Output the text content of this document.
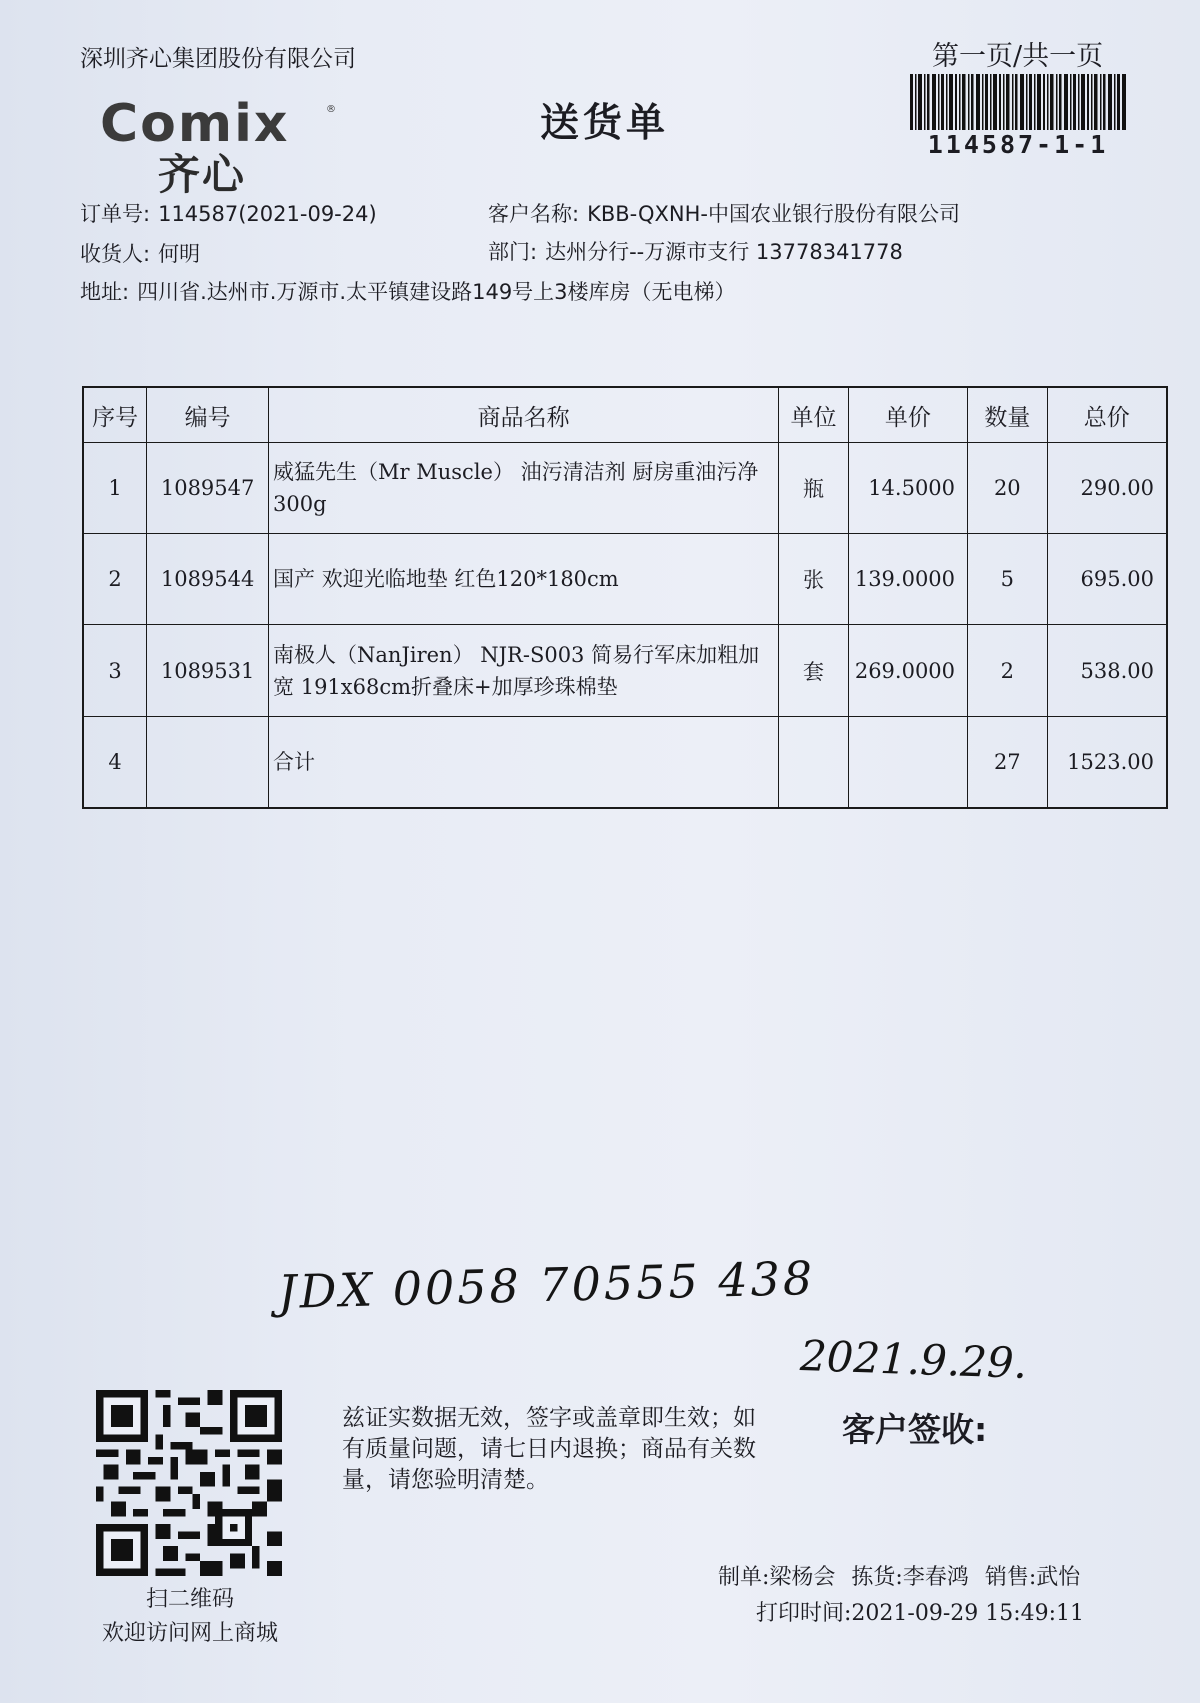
深圳齐心集团股份有限公司	第一页/共一页
114587-1-1
Comix	®
齐心
送货单
订单号: 114587(2021-09-24)	客户名称: KBB-QXNH-中国农业银行股份有限公司
收货人: 何明	部门: 达州分行--万源市支行 13778341778
地址: 四川省.达州市.万源市.太平镇建设路149号上3楼库房（无电梯）
序号	编号	商品名称	单位	单价	数量	总价
1	1089547	威猛先生（Mr Muscle） 油污清洁剂 厨房重油污净 300g	瓶	14.5000	20	290.00
2	1089544	国产 欢迎光临地垫 红色120*180cm	张	139.0000	5	695.00
3	1089531	南极人（NanJiren） NJR-S003 简易行军床加粗加宽 191x68cm折叠床+加厚珍珠棉垫	套	269.0000	2	538.00
4		合计			27	1523.00
JDX 0058 70555 438
2021.9.29.
客户签收:
扫二维码
欢迎访问网上商城
兹证实数据无效，签字或盖章即生效；如有质量问题，请七日内退换；商品有关数量，请您验明清楚。
制单:梁杨会 拣货:李春鸿 销售:武怡
打印时间:2021-09-29 15:49:11
